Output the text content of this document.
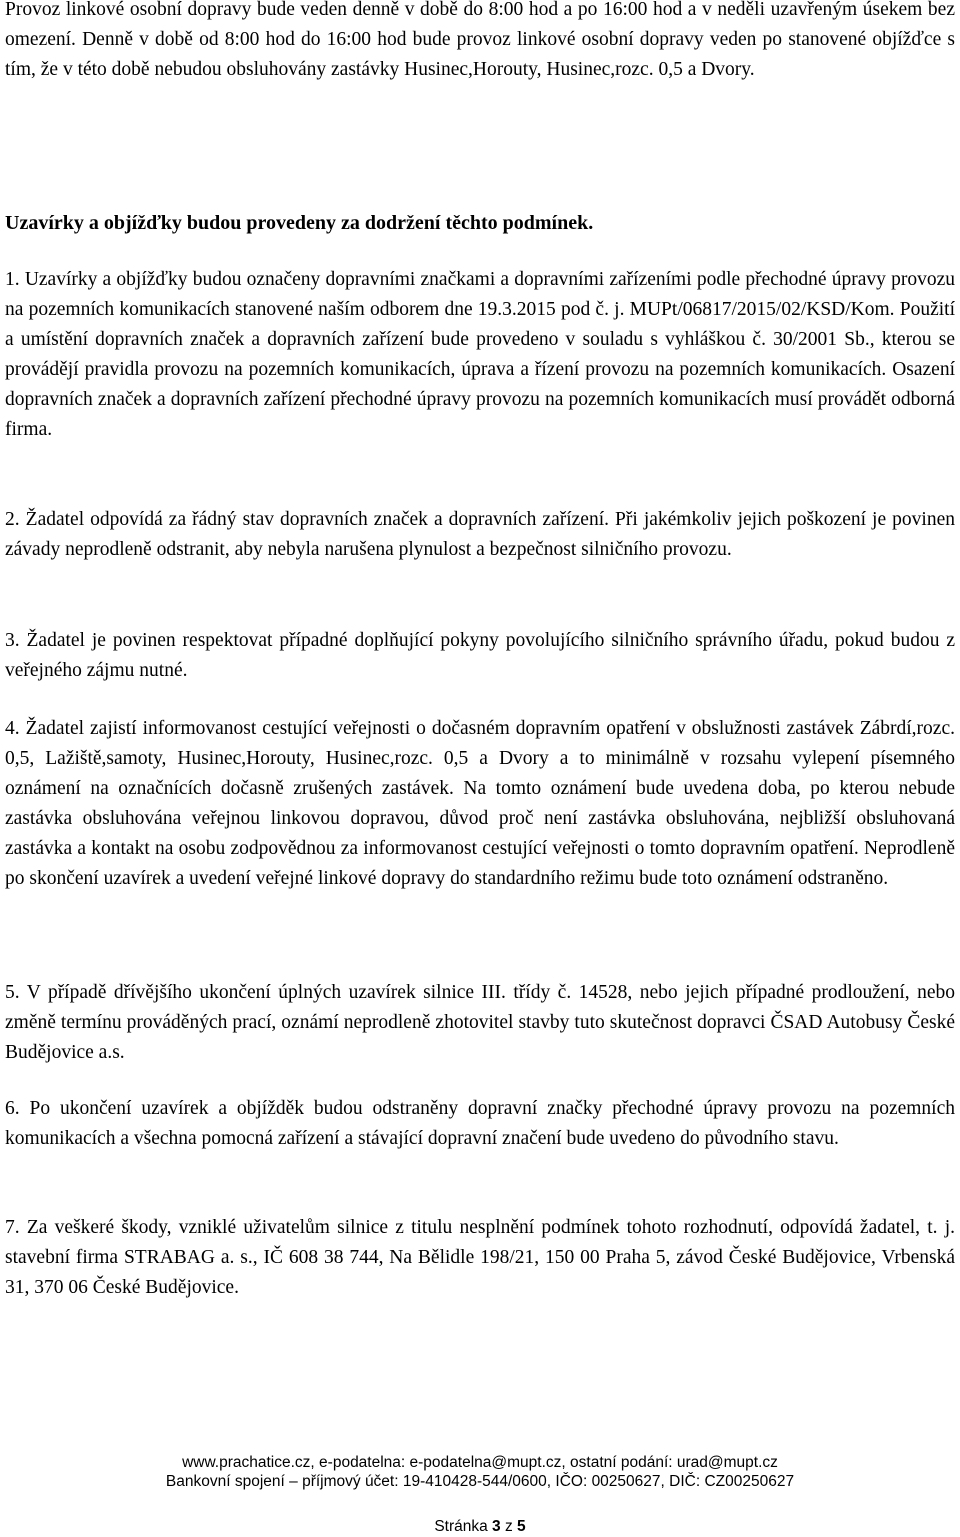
Provoz linkové osobní dopravy bude veden denně v době do 8:00 hod a po 16:00 hod a v neděli uzavřeným úsekem bez omezení. Denně v době od 8:00 hod do 16:00 hod bude provoz linkové osobní dopravy veden po stanovené objížďce s tím, že v této době nebudou obsluhovány zastávky Husinec,Horouty, Husinec,rozc. 0,5 a Dvory.

Uzavírky a objížďky budou provedeny za dodržení těchto podmínek.

1. Uzavírky a objížďky budou označeny dopravními značkami a dopravními zařízeními podle přechodné úpravy provozu na pozemních komunikacích stanovené naším odborem dne 19.3.2015 pod č. j. MUPt/06817/2015/02/KSD/Kom. Použití a umístění dopravních značek a dopravních zařízení bude provedeno v souladu s vyhláškou č. 30/2001 Sb., kterou se provádějí pravidla provozu na pozemních komunikacích, úprava a řízení provozu na pozemních komunikacích. Osazení dopravních značek a dopravních zařízení přechodné úpravy provozu na pozemních komunikacích musí provádět odborná firma.

2. Žadatel odpovídá za řádný stav dopravních značek a dopravních zařízení. Při jakémkoliv jejich poškození je povinen závady neprodleně odstranit, aby nebyla narušena plynulost a bezpečnost silničního provozu.

3. Žadatel je povinen respektovat případné doplňující pokyny povolujícího silničního správního úřadu, pokud budou z veřejného zájmu nutné.

4. Žadatel zajistí informovanost cestující veřejnosti o dočasném dopravním opatření v obslužnosti zastávek Zábrdí,rozc. 0,5, Lažiště,samoty, Husinec,Horouty, Husinec,rozc. 0,5 a Dvory a to minimálně v rozsahu vylepení písemného oznámení na označnících dočasně zrušených zastávek. Na tomto oznámení bude uvedena doba, po kterou nebude zastávka obsluhována veřejnou linkovou dopravou, důvod proč není zastávka obsluhována, nejbližší obsluhovaná zastávka a kontakt na osobu zodpovědnou za informovanost cestující veřejnosti o tomto dopravním opatření. Neprodleně po skončení uzavírek a uvedení veřejné linkové dopravy do standardního režimu bude toto oznámení odstraněno.

5. V případě dřívějšího ukončení úplných uzavírek silnice III. třídy č. 14528, nebo jejich případné prodloužení, nebo změně termínu prováděných prací, oznámí neprodleně zhotovitel stavby tuto skutečnost dopravci ČSAD Autobusy České Budějovice a.s.

6. Po ukončení uzavírek a objížděk budou odstraněny dopravní značky přechodné úpravy provozu na pozemních komunikacích a všechna pomocná zařízení a stávající dopravní značení bude uvedeno do původního stavu.

7. Za veškeré škody, vzniklé uživatelům silnice z titulu nesplnění podmínek tohoto rozhodnutí, odpovídá žadatel, t. j. stavební firma STRABAG a. s., IČ 608 38 744, Na Bělidle 198/21, 150 00 Praha 5, závod České Budějovice, Vrbenská 31, 370 06 České Budějovice.

www.prachatice.cz, e-podatelna: e-podatelna@mupt.cz, ostatní podání: urad@mupt.cz
Bankovní spojení – příjmový účet: 19-410428-544/0600, IČO: 00250627, DIČ: CZ00250627
Stránka 3 z 5
